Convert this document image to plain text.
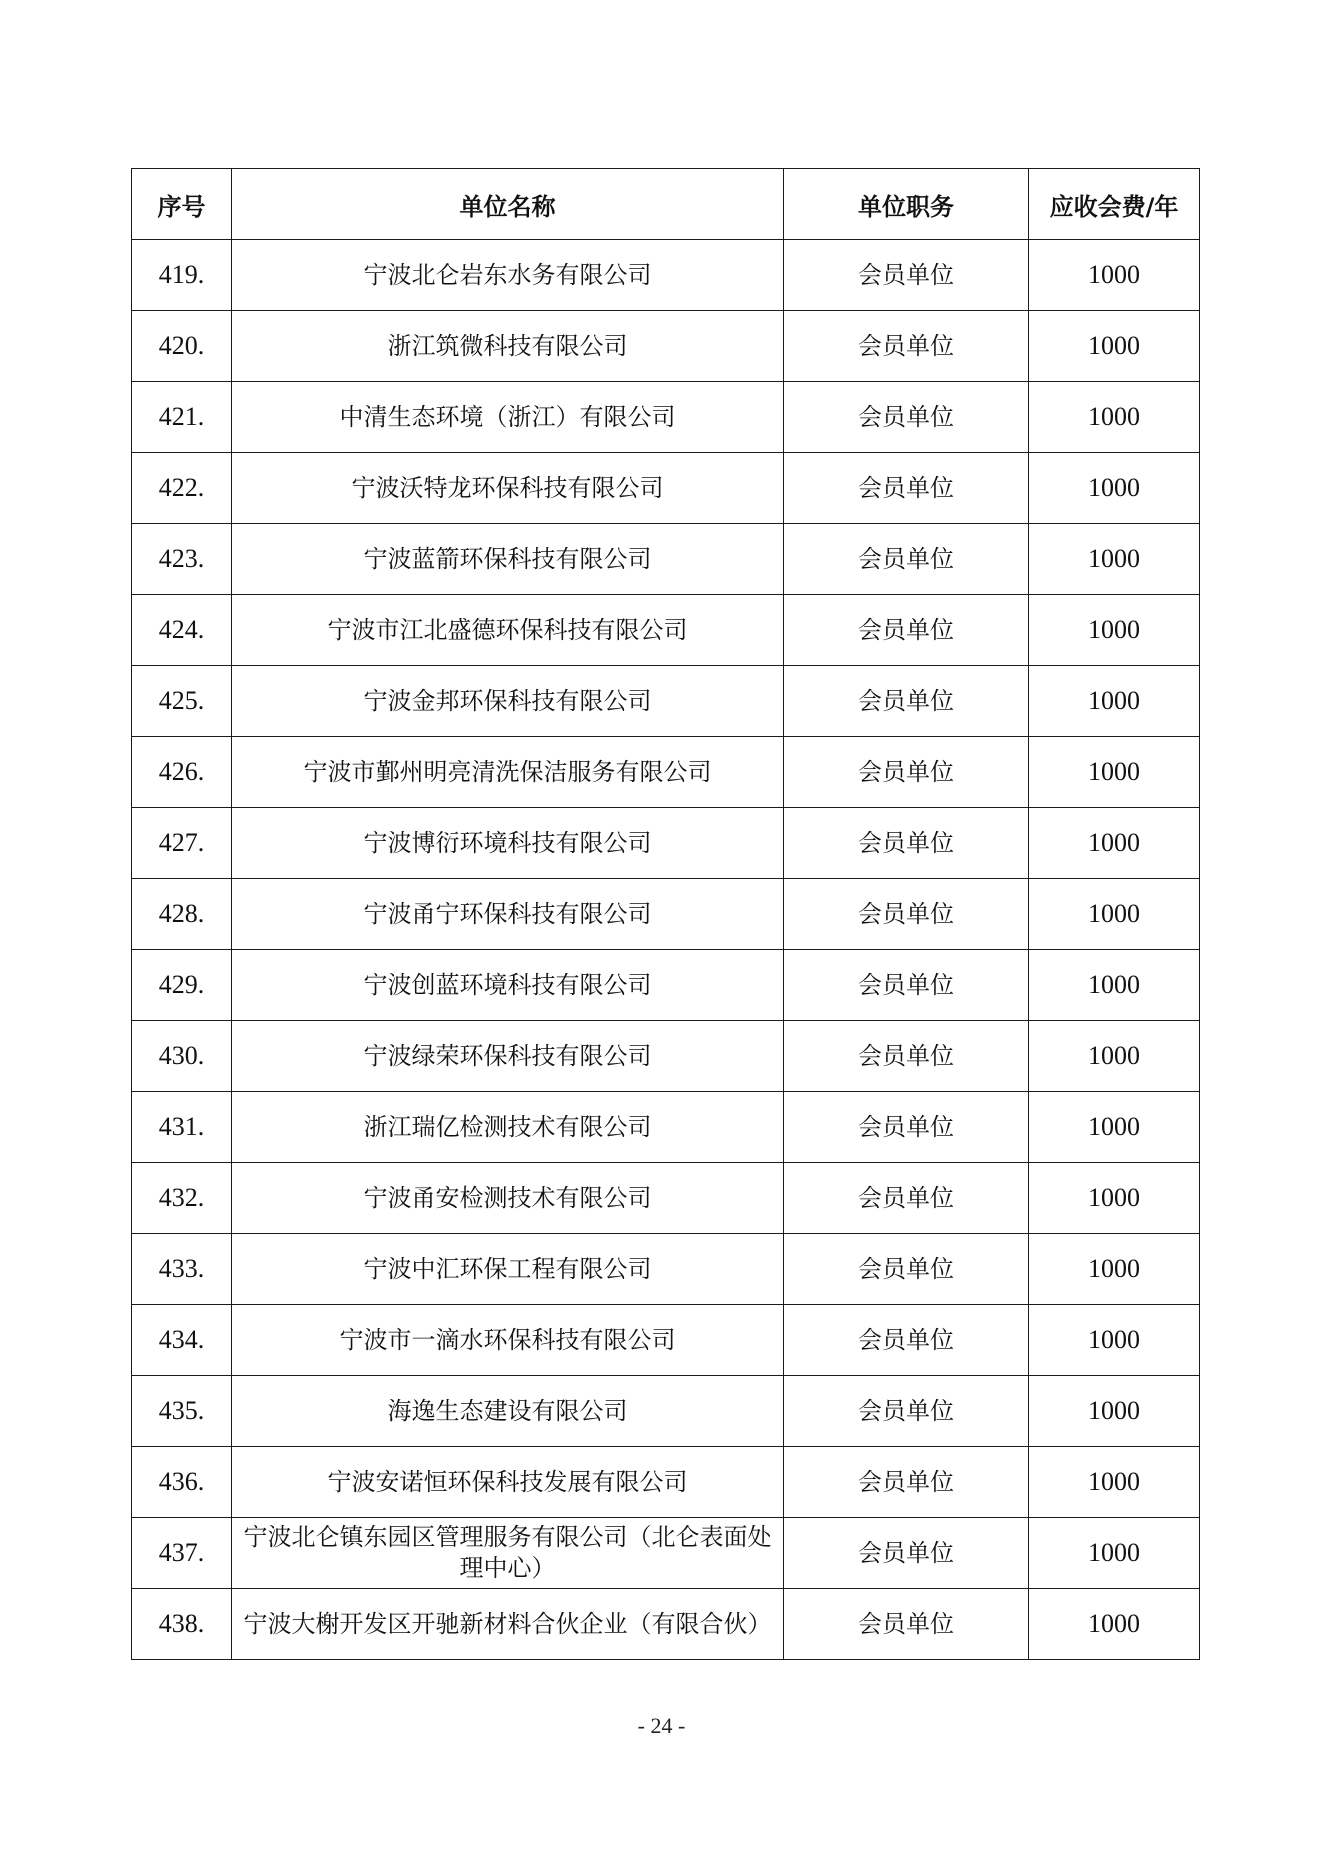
序号	单位名称	单位职务	应收会费/年
419.	宁波北仑岩东水务有限公司	会员单位	1000
420.	浙江筑微科技有限公司	会员单位	1000
421.	中清生态环境（浙江）有限公司	会员单位	1000
422.	宁波沃特龙环保科技有限公司	会员单位	1000
423.	宁波蓝箭环保科技有限公司	会员单位	1000
424.	宁波市江北盛德环保科技有限公司	会员单位	1000
425.	宁波金邦环保科技有限公司	会员单位	1000
426.	宁波市鄞州明亮清洗保洁服务有限公司	会员单位	1000
427.	宁波博衍环境科技有限公司	会员单位	1000
428.	宁波甬宁环保科技有限公司	会员单位	1000
429.	宁波创蓝环境科技有限公司	会员单位	1000
430.	宁波绿荣环保科技有限公司	会员单位	1000
431.	浙江瑞亿检测技术有限公司	会员单位	1000
432.	宁波甬安检测技术有限公司	会员单位	1000
433.	宁波中汇环保工程有限公司	会员单位	1000
434.	宁波市一滴水环保科技有限公司	会员单位	1000
435.	海逸生态建设有限公司	会员单位	1000
436.	宁波安诺恒环保科技发展有限公司	会员单位	1000
437.	宁波北仑镇东园区管理服务有限公司（北仑表面处理中心）	会员单位	1000
438.	宁波大榭开发区开驰新材料合伙企业（有限合伙）	会员单位	1000
- 24 -
